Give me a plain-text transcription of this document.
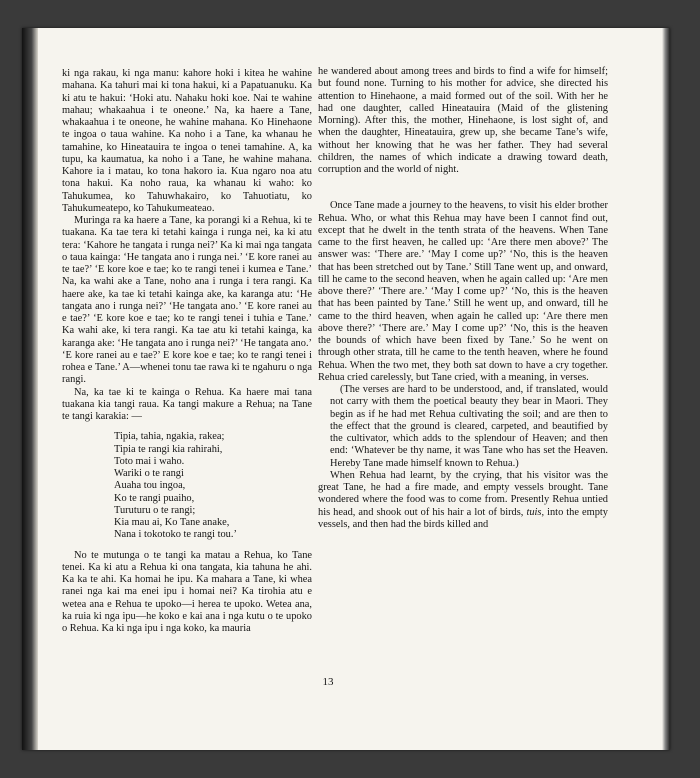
ki nga rakau, ki nga manu: kahore hoki i kitea he wahine mahana. Ka tahuri mai ki tona hakui, ki a Papatuanuku. Ka ki atu te hakui: ‘Hoki atu. Nahaku hoki koe. Nai te wahine mahau; whakaahua i te oneone.’ Na, ka haere a Tane, whakaahua i te oneone, he wahine mahana. Ko Hinehaone te ingoa o taua wahine. Ka noho i a Tane, ka whanau he tamahine, ko Hineatauira te ingoa o tenei tamahine. A, ka tupu, ka kaumatua, ka noho i a Tane, he wahine mahana. Kahore ia i matau, ko tona hakoro ia. Kua ngaro noa atu tona hakui. Ka noho raua, ka whanau ki waho: ko Tahukumea, ko Tahuwhakairo, ko Tahuotiatu, ko Tahukumeatepo, ko Tahukumeateao.

Muringa ra ka haere a Tane, ka porangi ki a Rehua, ki te tuakana. Ka tae tera ki tetahi kainga i runga nei, ka ki atu tera: ‘Kahore he tangata i runga nei?’ Ka ki mai nga tangata o taua kainga: ‘He tangata ano i runga nei.’ ‘E kore ranei au te tae?’ ‘E kore koe e tae; ko te rangi tenei i kumea e Tane.’ Na, ka wahi ake a Tane, noho ana i runga i tera rangi. Ka haere ake, ka tae ki tetahi kainga ake, ka karanga atu: ‘He tangata ano i runga nei?’ ‘He tangata ano.’ ‘E kore ranei au e tae?’ ‘E kore koe e tae; ko te rangi tenei i tuhia e Tane.’ Ka wahi ake, ki tera rangi. Ka tae atu ki tetahi kainga, ka karanga ake: ‘He tangata ano i runga nei?’ ‘He tangata ano.’ ‘E kore ranei au e tae?’ E kore koe e tae; ko te rangi tenei i rohea e Tane.’ A—whenei tonu tae rawa ki te ngahuru o nga rangi.

Na, ka tae ki te kainga o Rehua. Ka haere mai tana tuakana kia tangi raua. Ka tangi makure a Rehua; na Tane te tangi karakia: —

Tipia, tahia, ngakia, rakea;
Tipia te rangi kia rahirahi,
Toto mai i waho.
Wariki o te rangi
Auaha tou ingoa,
Ko te rangi puaiho,
Turuturu o te rangi;
Kia mau ai, Ko Tane anake,
Nana i tokotoko te rangi tou.’

No te mutunga o te tangi ka matau a Rehua, ko Tane tenei. Ka ki atu a Rehua ki ona tangata, kia tahuna he ahi. Ka ka te ahi. Ka homai he ipu. Ka mahara a Tane, ki whea ranei nga kai ma enei ipu i homai nei? Ka tirohia atu e wetea ana e Rehua te upoko—i herea te upoko. Wetea ana, ka ruia ki nga ipu—he koko e kai ana i nga kutu o te upoko o Rehua. Ka ki nga ipu i nga koko, ka mauria

he wandered about among trees and birds to find a wife for himself; but found none. Turning to his mother for advice, she directed his attention to Hinehaone, a maid formed out of the soil. With her he had one daughter, called Hineatauira (Maid of the glistening Morning). After this, the mother, Hinehaone, is lost sight of, and when the daughter, Hineatauira, grew up, she became Tane’s wife, without her knowing that he was her father. They had several children, the names of which indicate a drawing toward death, corruption and the world of night.

Once Tane made a journey to the heavens, to visit his elder brother Rehua. Who, or what this Rehua may have been I cannot find out, except that he dwelt in the tenth strata of the heavens. When Tane came to the first heaven, he called up: ‘Are there men above?’ The answer was: ‘There are.’ ‘May I come up?’ ‘No, this is the heaven that has been stretched out by Tane.’ Still Tane went up, and onward, till he came to the second heaven, when he again called up: ‘Are men above there?’ ‘There are.’ ‘May I come up?’ ‘No, this is the heaven that has been painted by Tane.’ Still he went up, and onward, till he came to the third heaven, when again he called up: ‘Are there men above there?’ ‘There are.’ May I come up?’ ‘No, this is the heaven the bounds of which have been fixed by Tane.’ So he went on through other strata, till he came to the tenth heaven, where he found Rehua. When the two met, they both sat down to have a cry together. Rehua cried carelessly, but Tane cried, with a meaning, in verses.

(The verses are hard to be understood, and, if translated, would not carry with them the poetical beauty they bear in Maori. They begin as if he had met Rehua cultivating the soil; and are then to the effect that the ground is cleared, carpeted, and beautified by the cultivator, which adds to the splendour of Heaven; and then end: ‘Whatever be thy name, it was Tane who has set the Heaven. Hereby Tane made himself known to Rehua.)

When Rehua had learnt, by the crying, that his visitor was the great Tane, he had a fire made, and empty vessels brought. Tane wondered where the food was to come from. Presently Rehua untied his head, and shook out of his hair a lot of birds, tuis, into the empty vessels, and then had the birds killed and

13
